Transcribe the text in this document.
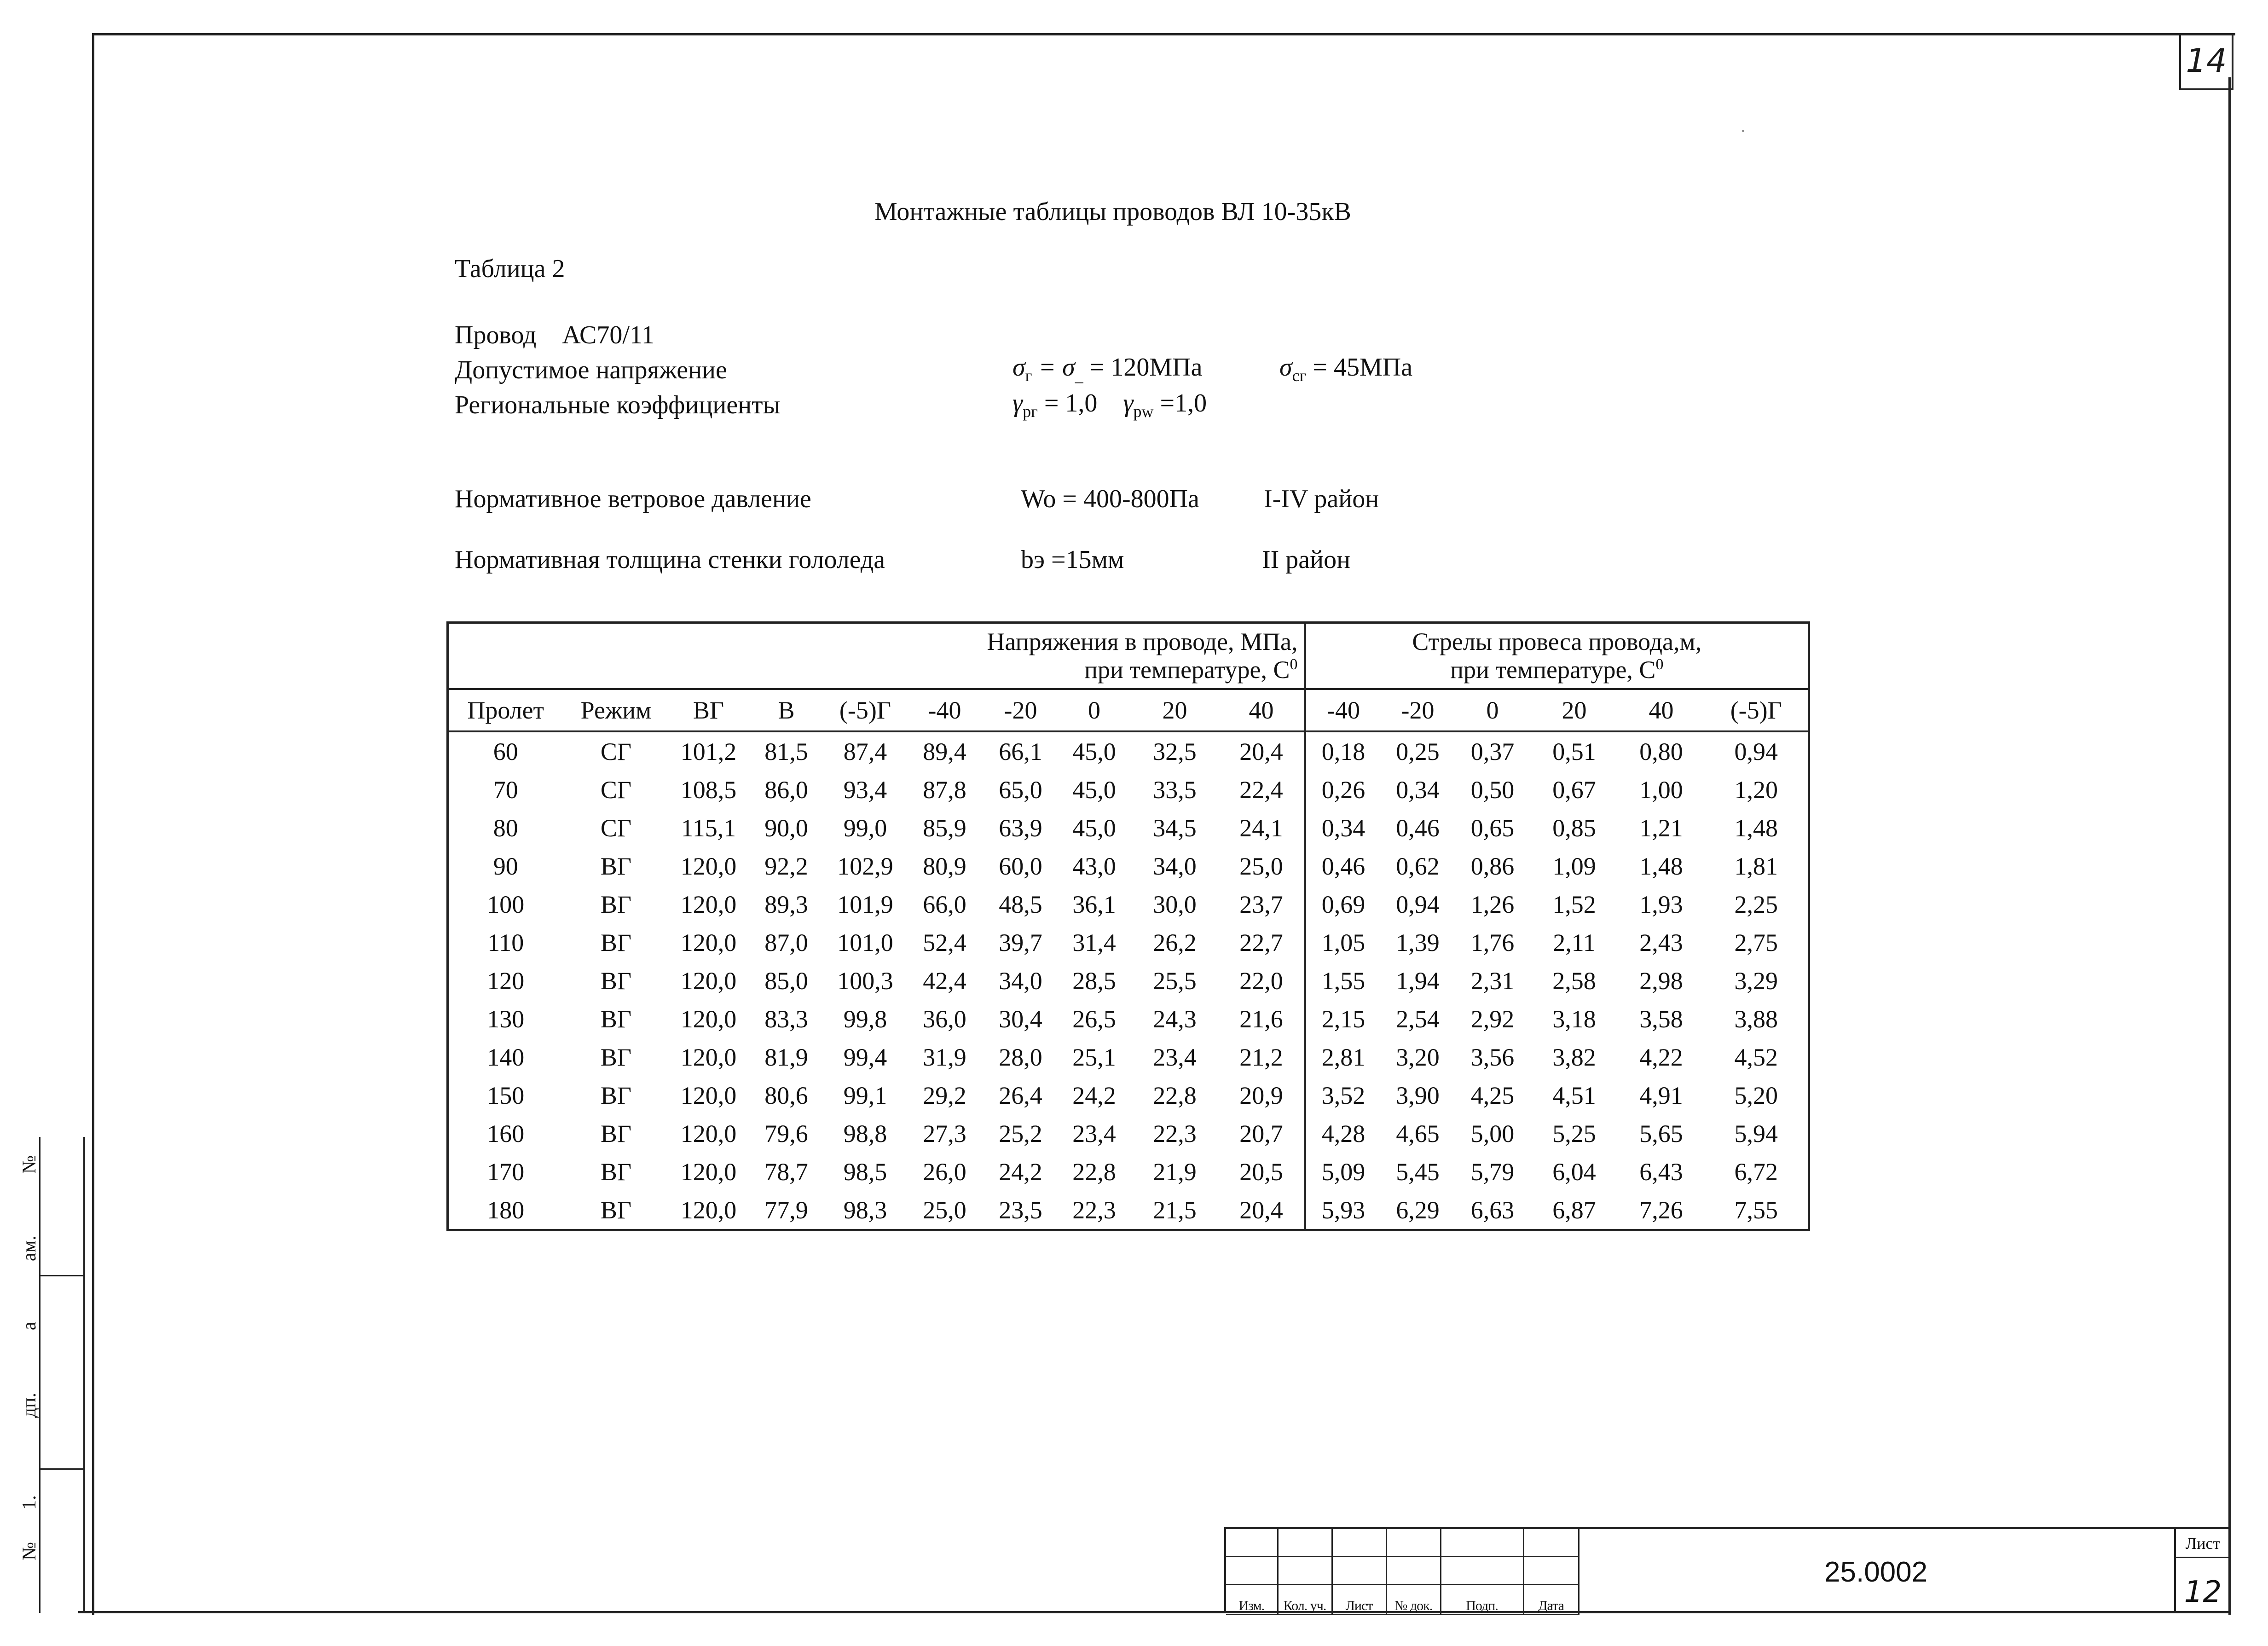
14
Монтажные таблицы проводов ВЛ 10-35кВ
Таблица 2
Провод АС70/11
Допустимое напряжение	$\sigma_г = \sigma_{\_} = 120МПа$	$\sigma_{сг} = 45МПа$
Региональные коэффициенты	$\gamma_{рг} = 1,0$ $\gamma_{pw} =1,0$
Нормативное ветровое давление	Wo = 400-800Па	I-IV район
Нормативная толщина стенки гололеда	bэ =15мм	II район
Напряжения в проводе, МПа,
при температуре, $С^0$										Стрелы провеса провода,м,
при температуре, $С^0$
Пролет	Режим	ВГ	В	(-5)Г	-40	-20	0	20	40	-40	-20	0	20	40	(-5)Г
60	СГ	101,2	81,5	87,4	89,4	66,1	45,0	32,5	20,4	0,18	0,25	0,37	0,51	0,80	0,94
70	СГ	108,5	86,0	93,4	87,8	65,0	45,0	33,5	22,4	0,26	0,34	0,50	0,67	1,00	1,20
80	СГ	115,1	90,0	99,0	85,9	63,9	45,0	34,5	24,1	0,34	0,46	0,65	0,85	1,21	1,48
90	ВГ	120,0	92,2	102,9	80,9	60,0	43,0	34,0	25,0	0,46	0,62	0,86	1,09	1,48	1,81
100	ВГ	120,0	89,3	101,9	66,0	48,5	36,1	30,0	23,7	0,69	0,94	1,26	1,52	1,93	2,25
110	ВГ	120,0	87,0	101,0	52,4	39,7	31,4	26,2	22,7	1,05	1,39	1,76	2,11	2,43	2,75
120	ВГ	120,0	85,0	100,3	42,4	34,0	28,5	25,5	22,0	1,55	1,94	2,31	2,58	2,98	3,29
130	ВГ	120,0	83,3	99,8	36,0	30,4	26,5	24,3	21,6	2,15	2,54	2,92	3,18	3,58	3,88
140	ВГ	120,0	81,9	99,4	31,9	28,0	25,1	23,4	21,2	2,81	3,20	3,56	3,82	4,22	4,52
150	ВГ	120,0	80,6	99,1	29,2	26,4	24,2	22,8	20,9	3,52	3,90	4,25	4,51	4,91	5,20
160	ВГ	120,0	79,6	98,8	27,3	25,2	23,4	22,3	20,7	4,28	4,65	5,00	5,25	5,65	5,94
170	ВГ	120,0	78,7	98,5	26,0	24,2	22,8	21,9	20,5	5,09	5,45	5,79	6,04	6,43	6,72
180	ВГ	120,0	77,9	98,3	25,0	23,5	22,3	21,5	20,4	5,93	6,29	6,63	6,87	7,26	7,55

Изм.	Кол. уч.	Лист	№ док.	Подп.	Дата
25.0002
Лист
12
№
ам.
а
дп.
1.
№
